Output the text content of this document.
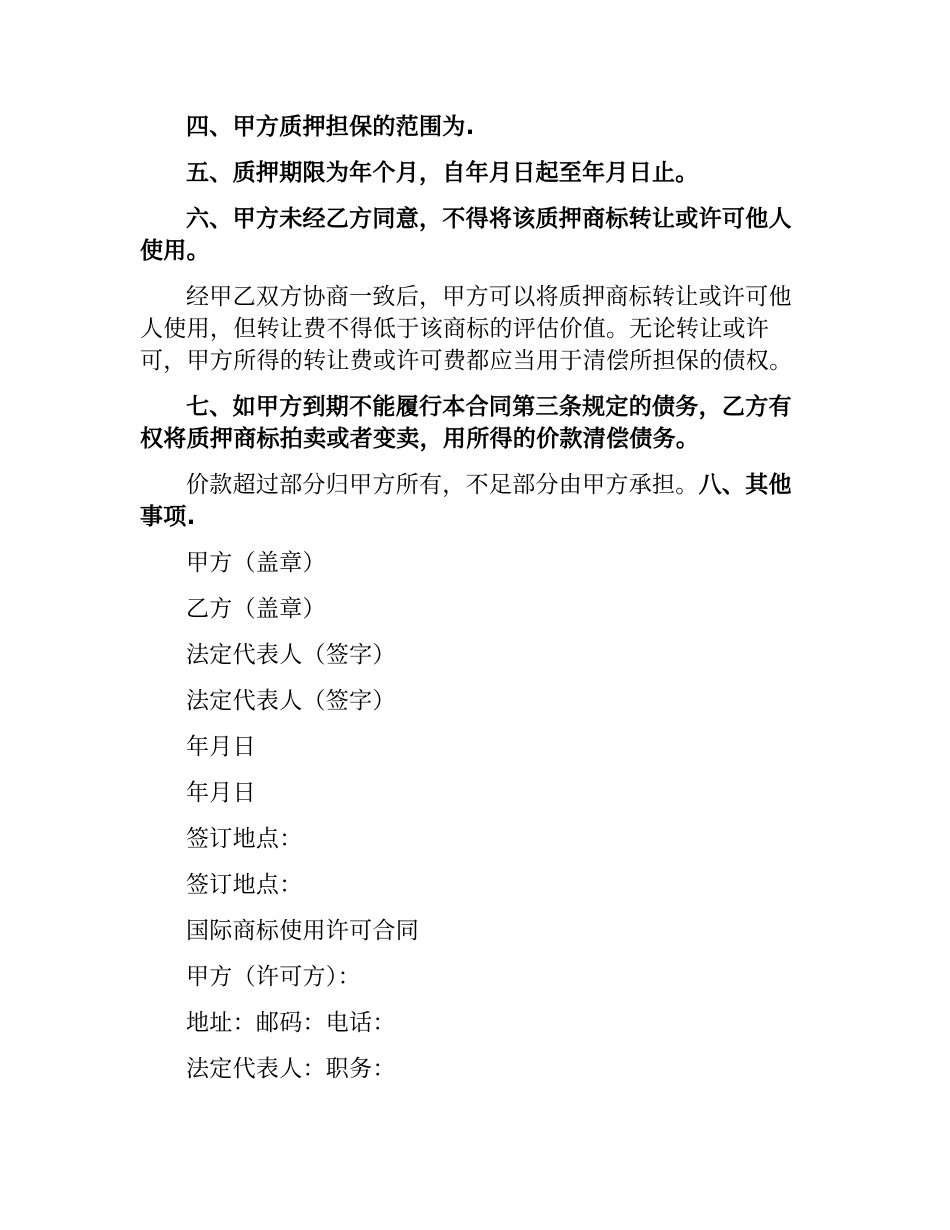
四、甲方质押担保的范围为.

五、质押期限为年个月，自年月日起至年月日止。

六、甲方未经乙方同意，不得将该质押商标转让或许可他人使用。

经甲乙双方协商一致后，甲方可以将质押商标转让或许可他人使用，但转让费不得低于该商标的评估价值。无论转让或许可，甲方所得的转让费或许可费都应当用于清偿所担保的债权。

七、如甲方到期不能履行本合同第三条规定的债务，乙方有权将质押商标拍卖或者变卖，用所得的价款清偿债务。

价款超过部分归甲方所有，不足部分由甲方承担。八、其他事项.

甲方（盖章）
乙方（盖章）
法定代表人（签字）
法定代表人（签字）
年月日
年月日
签订地点：
签订地点：
国际商标使用许可合同
甲方（许可方）：
地址：邮码：电话：
法定代表人：职务：
